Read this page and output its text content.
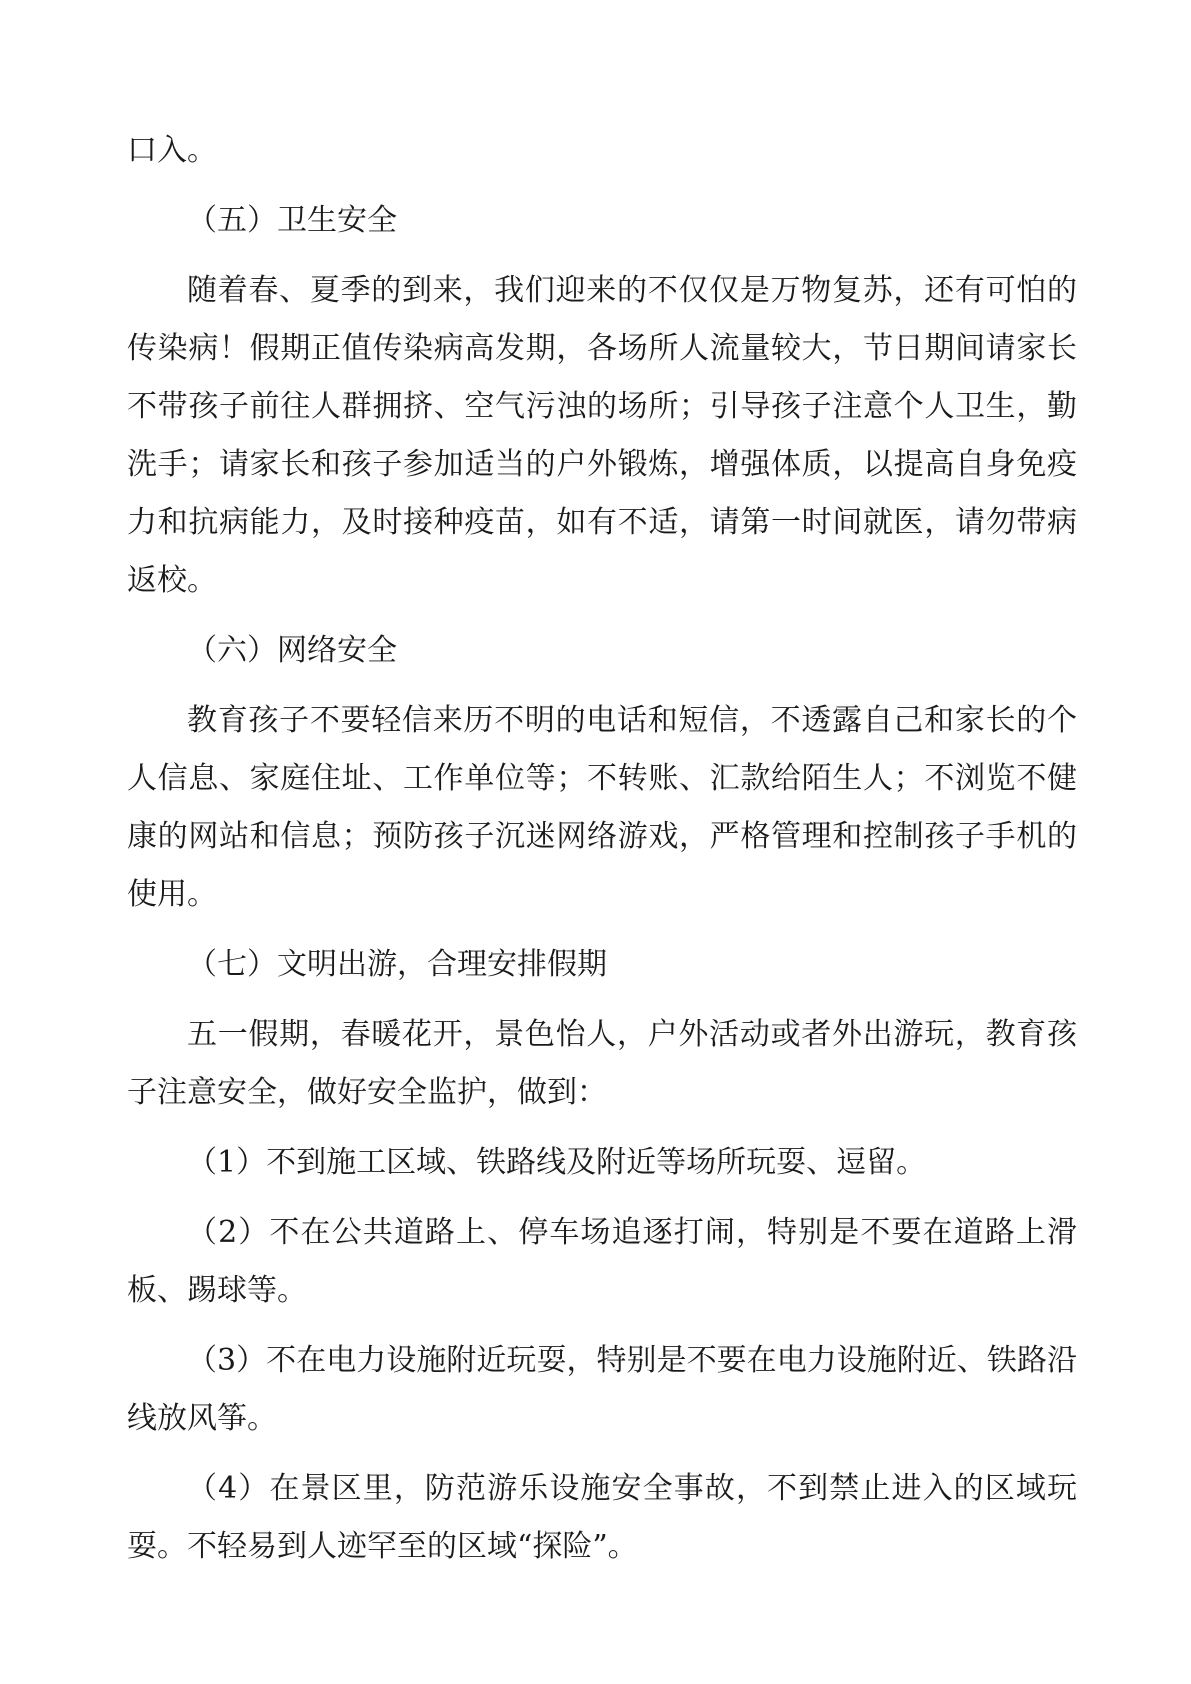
口入。

（五）卫生安全

随着春、夏季的到来，我们迎来的不仅仅是万物复苏，还有可怕的传染病！假期正值传染病高发期，各场所人流量较大，节日期间请家长不带孩子前往人群拥挤、空气污浊的场所；引导孩子注意个人卫生，勤洗手；请家长和孩子参加适当的户外锻炼，增强体质，以提高自身免疫力和抗病能力，及时接种疫苗，如有不适，请第一时间就医，请勿带病返校。

（六）网络安全

教育孩子不要轻信来历不明的电话和短信，不透露自己和家长的个人信息、家庭住址、工作单位等；不转账、汇款给陌生人；不浏览不健康的网站和信息；预防孩子沉迷网络游戏，严格管理和控制孩子手机的使用。

（七）文明出游，合理安排假期

五一假期，春暖花开，景色怡人，户外活动或者外出游玩，教育孩子注意安全，做好安全监护，做到：

（1）不到施工区域、铁路线及附近等场所玩耍、逗留。

（2）不在公共道路上、停车场追逐打闹，特别是不要在道路上滑板、踢球等。

（3）不在电力设施附近玩耍，特别是不要在电力设施附近、铁路沿线放风筝。

（4）在景区里，防范游乐设施安全事故，不到禁止进入的区域玩耍。不轻易到人迹罕至的区域“探险”。
